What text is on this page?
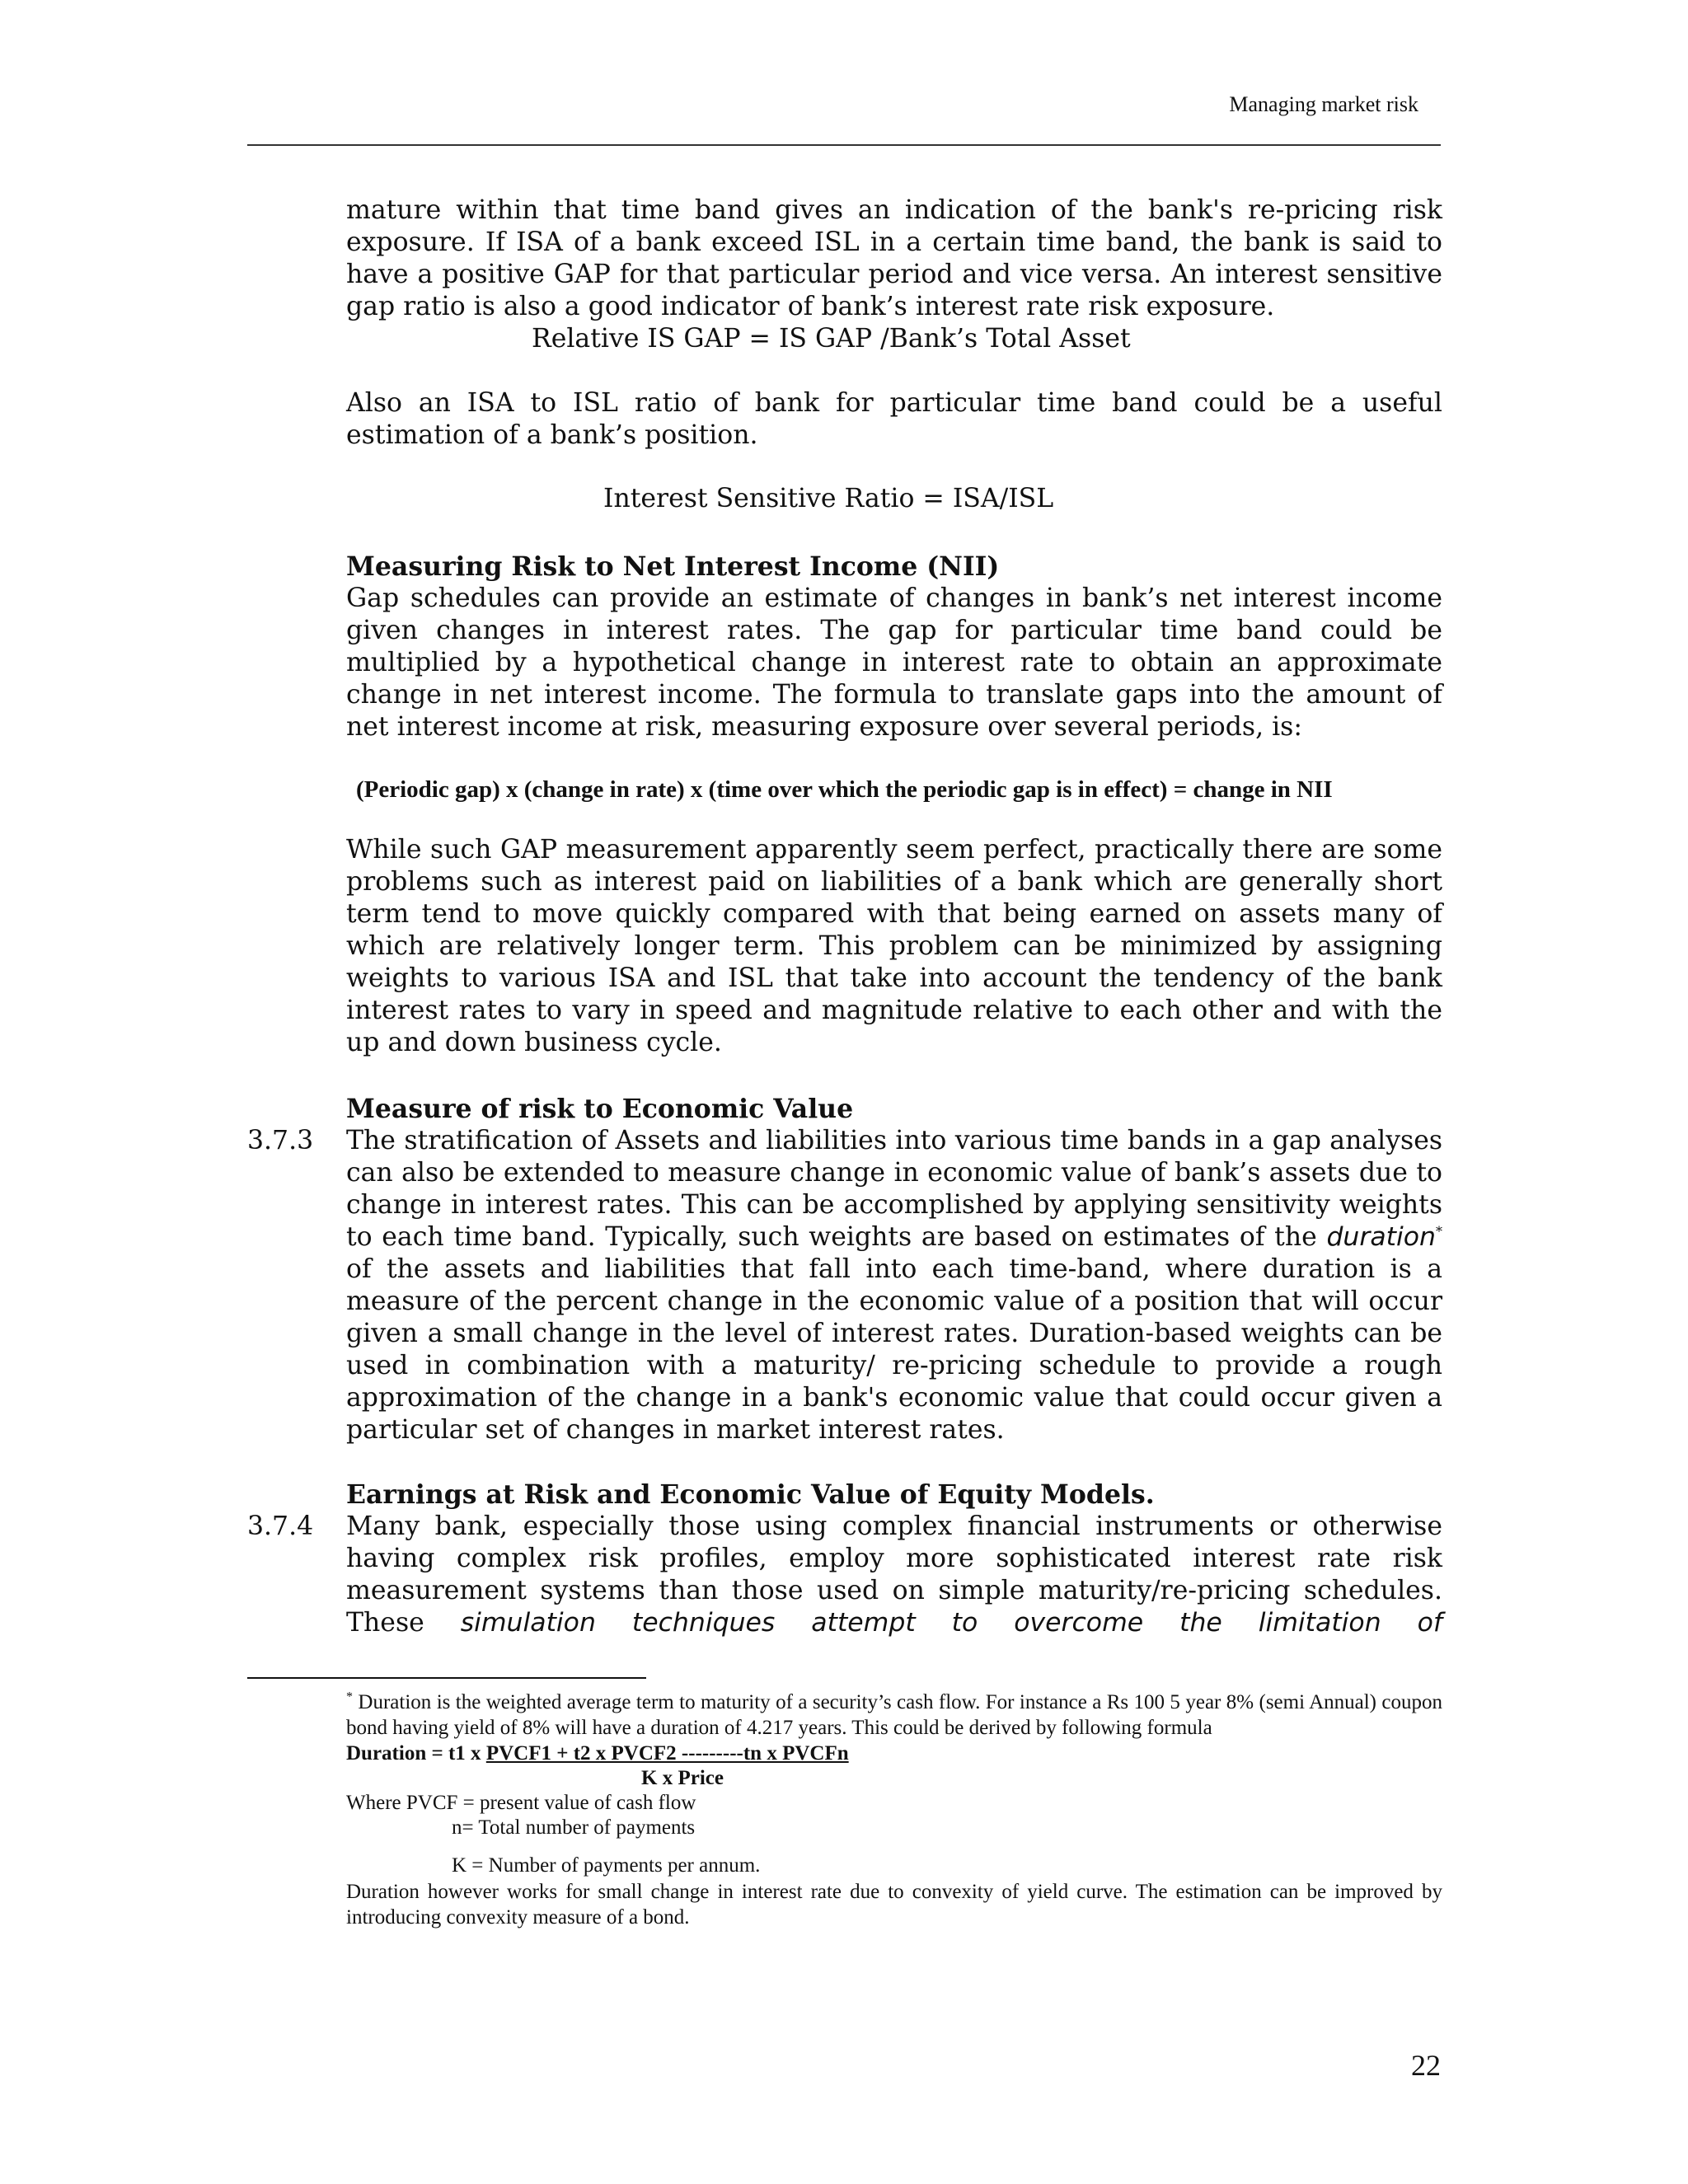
Managing market risk

mature within that time band gives an indication of the bank's re-pricing risk exposure. If ISA of a bank exceed ISL in a certain time band, the bank is said to have a positive GAP for that particular period and vice versa. An interest sensitive gap ratio is also a good indicator of bank’s interest rate risk exposure.

Relative IS GAP = IS GAP /Bank’s Total Asset

Also an ISA to ISL ratio of bank for particular time band could be a useful estimation of a bank’s position.

Interest Sensitive Ratio = ISA/ISL

Measuring Risk to Net Interest Income (NII)

Gap schedules can provide an estimate of changes in bank’s net interest income given changes in interest rates. The gap for particular time band could be multiplied by a hypothetical change in interest rate to obtain an approximate change in net interest income. The formula to translate gaps into the amount of net interest income at risk, measuring exposure over several periods, is:

(Periodic gap) x (change in rate) x (time over which the periodic gap is in effect) = change in NII

While such GAP measurement apparently seem perfect, practically there are some problems such as interest paid on liabilities of a bank which are generally short term tend to move quickly compared with that being earned on assets many of which are relatively longer term. This problem can be minimized by assigning weights to various ISA and ISL that take into account the tendency of the bank interest rates to vary in speed and magnitude relative to each other and with the up and down business cycle.

Measure of risk to Economic Value

3.7.3 The stratification of Assets and liabilities into various time bands in a gap analyses can also be extended to measure change in economic value of bank’s assets due to change in interest rates. This can be accomplished by applying sensitivity weights to each time band. Typically, such weights are based on estimates of the duration* of the assets and liabilities that fall into each time-band, where duration is a measure of the percent change in the economic value of a position that will occur given a small change in the level of interest rates. Duration-based weights can be used in combination with a maturity/ re-pricing schedule to provide a rough approximation of the change in a bank's economic value that could occur given a particular set of changes in market interest rates.

Earnings at Risk and Economic Value of Equity Models.

3.7.4 Many bank, especially those using complex financial instruments or otherwise having complex risk profiles, employ more sophisticated interest rate risk measurement systems than those used on simple maturity/re-pricing schedules. These simulation techniques attempt to overcome the limitation of

* Duration is the weighted average term to maturity of a security’s cash flow. For instance a Rs 100 5 year 8% (semi Annual) coupon bond having yield of 8% will have a duration of 4.217 years. This could be derived by following formula
Duration = t1 x PVCF1 + t2 x PVCF2 ---------tn x PVCFn
K x Price
Where PVCF = present value of cash flow
n= Total number of payments
K = Number of payments per annum.
Duration however works for small change in interest rate due to convexity of yield curve. The estimation can be improved by introducing convexity measure of a bond.
22
